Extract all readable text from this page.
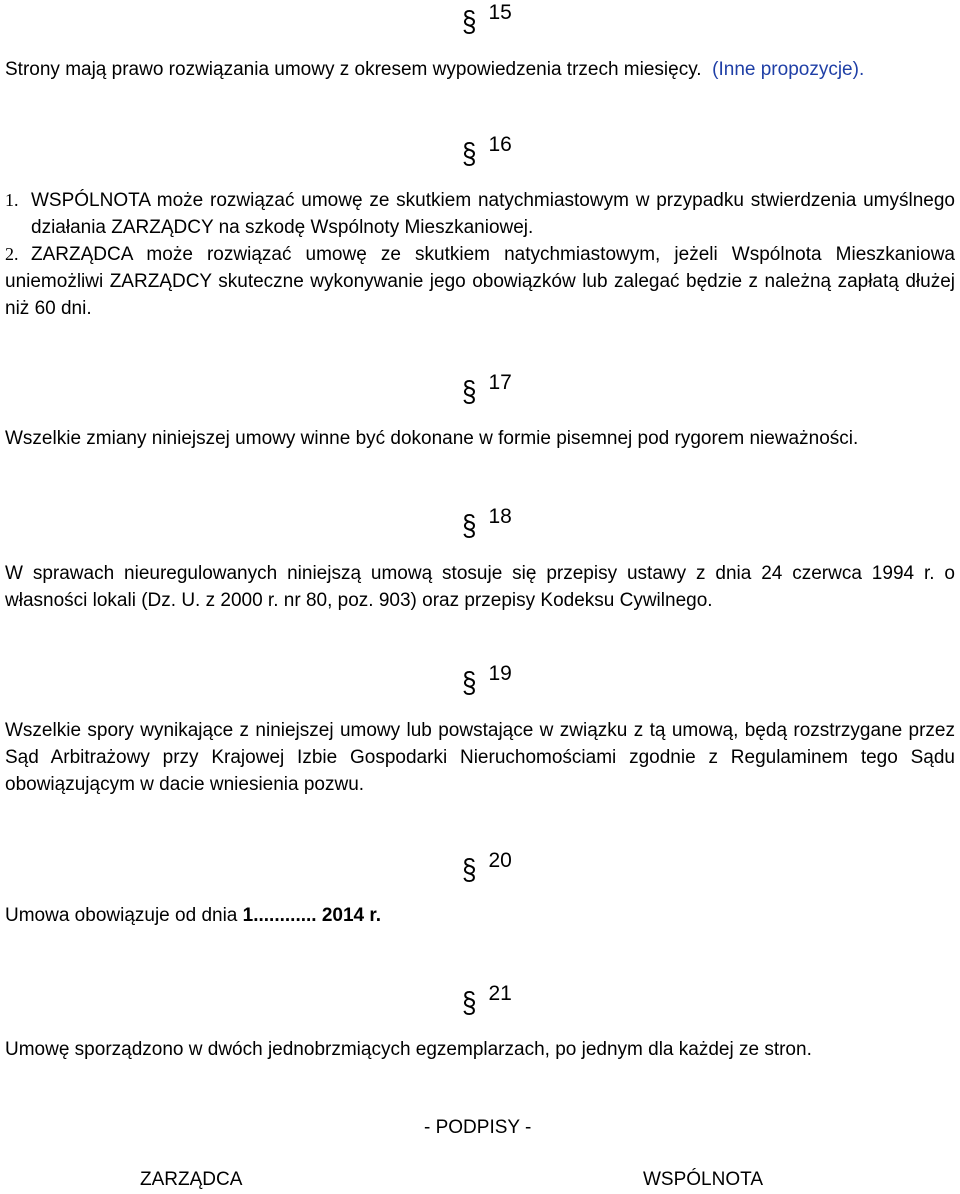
§ 15

Strony mają prawo rozwiązania umowy z okresem wypowiedzenia trzech miesięcy. (Inne propozycje).

§ 16
1. WSPÓLNOTA może rozwiązać umowę ze skutkiem natychmiastowym w przypadku stwierdzenia umyślnego działania ZARZĄDCY na szkodę Wspólnoty Mieszkaniowej.
2. ZARZĄDCA może rozwiązać umowę ze skutkiem natychmiastowym, jeżeli Wspólnota Mieszkaniowa uniemożliwi ZARZĄDCY skuteczne wykonywanie jego obowiązków lub zalegać będzie z należną zapłatą dłużej niż 60 dni.
§ 17

Wszelkie zmiany niniejszej umowy winne być dokonane w formie pisemnej pod rygorem nieważności.

§ 18

W sprawach nieuregulowanych niniejszą umową stosuje się przepisy ustawy z dnia 24 czerwca 1994 r. o własności lokali (Dz. U. z 2000 r. nr 80, poz. 903) oraz przepisy Kodeksu Cywilnego.

§ 19

Wszelkie spory wynikające z niniejszej umowy lub powstające w związku z tą umową, będą rozstrzygane przez Sąd Arbitrażowy przy Krajowej Izbie Gospodarki Nieruchomościami zgodnie z Regulaminem tego Sądu obowiązującym w dacie wniesienia pozwu.

§ 20

Umowa obowiązuje od dnia 1............ 2014 r.

§ 21

Umowę sporządzono w dwóch jednobrzmiących egzemplarzach, po jednym dla każdej ze stron.

- PODPISY -
ZARZĄDCA	WSPÓLNOTA
